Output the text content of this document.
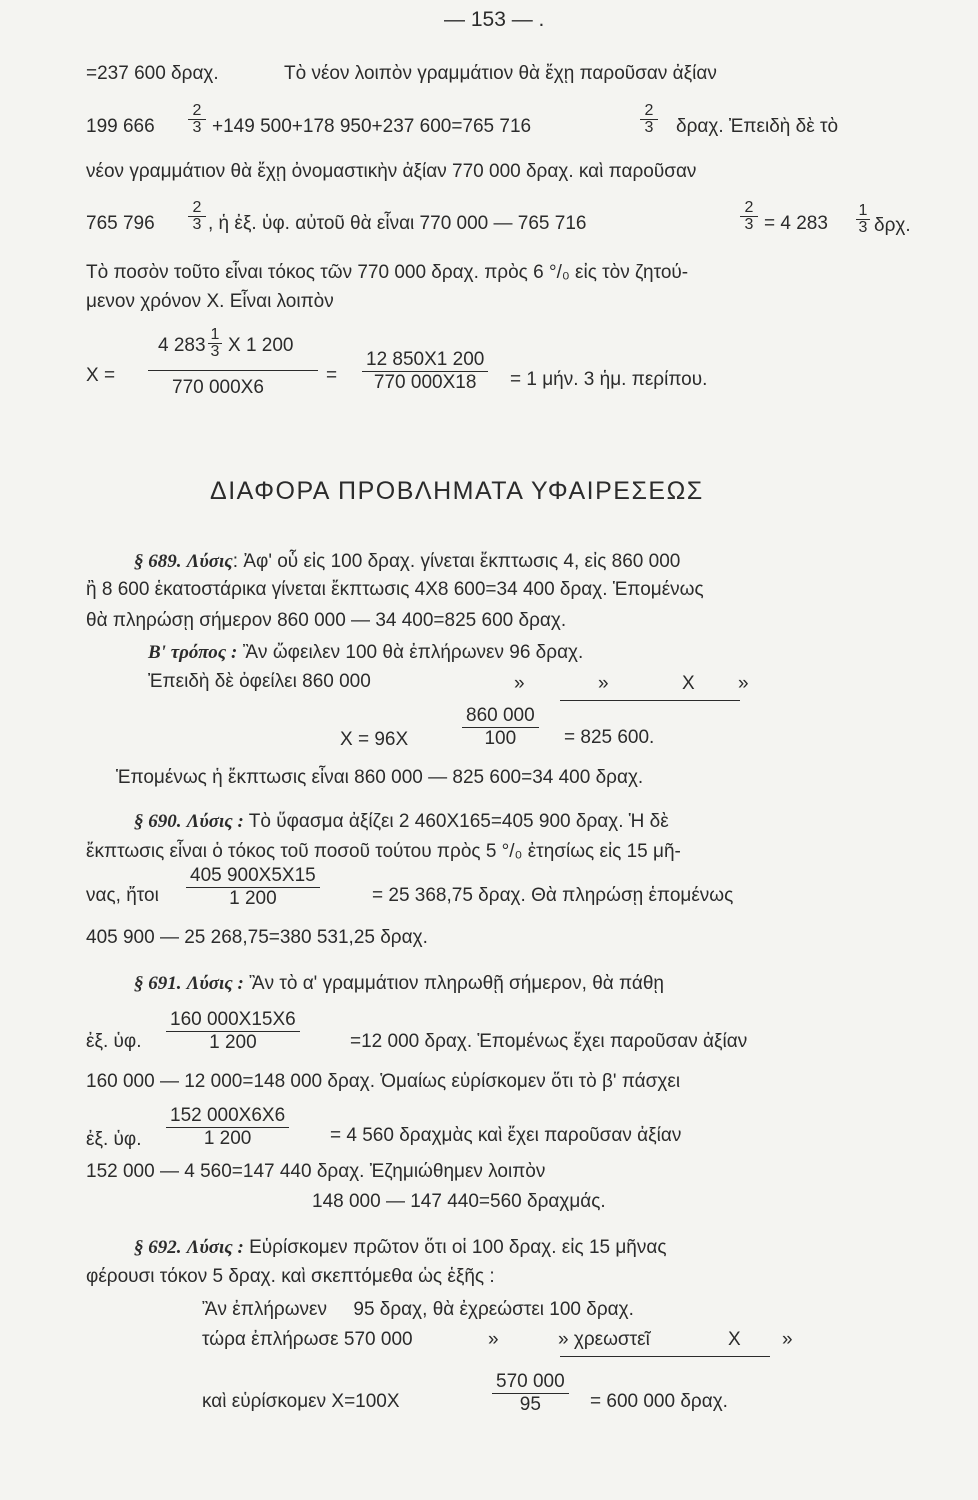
— 153 — .
=237 600 δραχ.	Τὸ νέον λοιπὸν γραμμάτιον θὰ ἔχῃ παροῦσαν ἀξίαν
199 $666 \frac{2}{3} +149$ 500+178 950+237 600=765 716	$\frac{2}{3} \delta\rho\alpha\chi$. Ἐπειδὴ δὲ τὸ
νέον γραμμάτιον θὰ ἔχῃ ὀνομαστικὴν ἀξίαν 770 000 δραχ. καὶ παροῦσαν
765 $796 \frac{2}{3}$ , ἡ ἐξ. ὑφ. αὐτοῦ θὰ εἶναι 770 000 — 765 716	$\frac{2}{3} = 4$ $283 \frac{1}{3} \delta\rho\chi$.
Τὸ ποσὸν τοῦτο εἶναι τόκος τῶν 770 000 δραχ. πρὸς 6 °/₀ εἰς τὸν ζητού-
μενον χρόνον Χ. Εἶναι λοιπὸν
Χ =
4 $283 \frac{1}{3}$ Χ 1 200
770 000Χ6
= $\frac{12 850X1 200}{770 000X18} = 1$ μήν. 3 ἡμ. περίπου.
ΔΙΑΦΟΡΑ ΠΡΟΒΛΗΜΑΤΑ ΥΦΑΙΡΕΣΕΩΣ
§ 689. Λύσις: Ἀφ' οὗ εἰς 100 δραχ. γίνεται ἔκπτωσις 4, εἰς 860 000
ἢ 8 600 ἑκατοστάρικα γίνεται ἔκπτωσις 4Χ8 600=34 400 δραχ. Ἑπομένως
θὰ πληρώσῃ σήμερον 860 000 — 34 400=825 600 δραχ.
Β' τρόπος : Ἂν ὤφειλεν 100 θὰ ἐπλήρωνεν 96 δραχ.
Ἐπειδὴ δὲ ὀφείλει 860 000	»	»	Χ »
Χ = 96Χ	$\frac{860 000}{100} = 825$ 600.
Ἑπομένως ἡ ἔκπτωσις εἶναι 860 000 — 825 600=34 400 δραχ.
§ 690. Λύσις : Τὸ ὕφασμα ἀξίζει 2 460Χ165=405 900 δραχ. Ἡ δὲ
ἔκπτωσις εἶναι ὁ τόκος τοῦ ποσοῦ τούτου πρὸς 5 °/₀ ἐτησίως εἰς 15 μῆ-
νας, ἤτοι $\frac{405 900X5X15}{1 200}$	= 25 368,75 δραχ. Θὰ πληρώσῃ ἑπομένως
405 900 — 25 268,75=380 531,25 δραχ.
§ 691. Λύσις : Ἂν τὸ α' γραμμάτιον πληρωθῇ σήμερον, θὰ πάθῃ
ἐξ. ὑφ. $\frac{160 000X15X6}{1 200}$	=12 000 δραχ. Ἑπομένως ἔχει παροῦσαν ἀξίαν
160 000 — 12 000=148 000 δραχ. Ὁμαίως εὑρίσκομεν ὅτι τὸ β' πάσχει
ἐξ. ὑφ. $\frac{152 000X6X6}{1 200} = 4$ 560 δραχμὰς καὶ ἔχει παροῦσαν ἀξίαν
152 000 — 4 560=147 440 δραχ. Ἐζημιώθημεν λοιπὸν
148 000 — 147 440=560 δραχμάς.
§ 692. Λύσις : Εὑρίσκομεν πρῶτον ὅτι οἱ 100 δραχ. εἰς 15 μῆνας
φέρουσι τόκον 5 δραχ. καὶ σκεπτόμεθα ὡς ἑξῆς :
Ἂν ἐπλήρωνεν     95 δραχ, θὰ ἐχρεώστει 100 δραχ.
τώρα ἐπλήρωσε 570 000	»	» χρεωστεῖ	Χ »
καὶ εὑρίσκομεν Χ=100Χ	$\frac{570 000}{95} = 600$ 000 δραχ.
